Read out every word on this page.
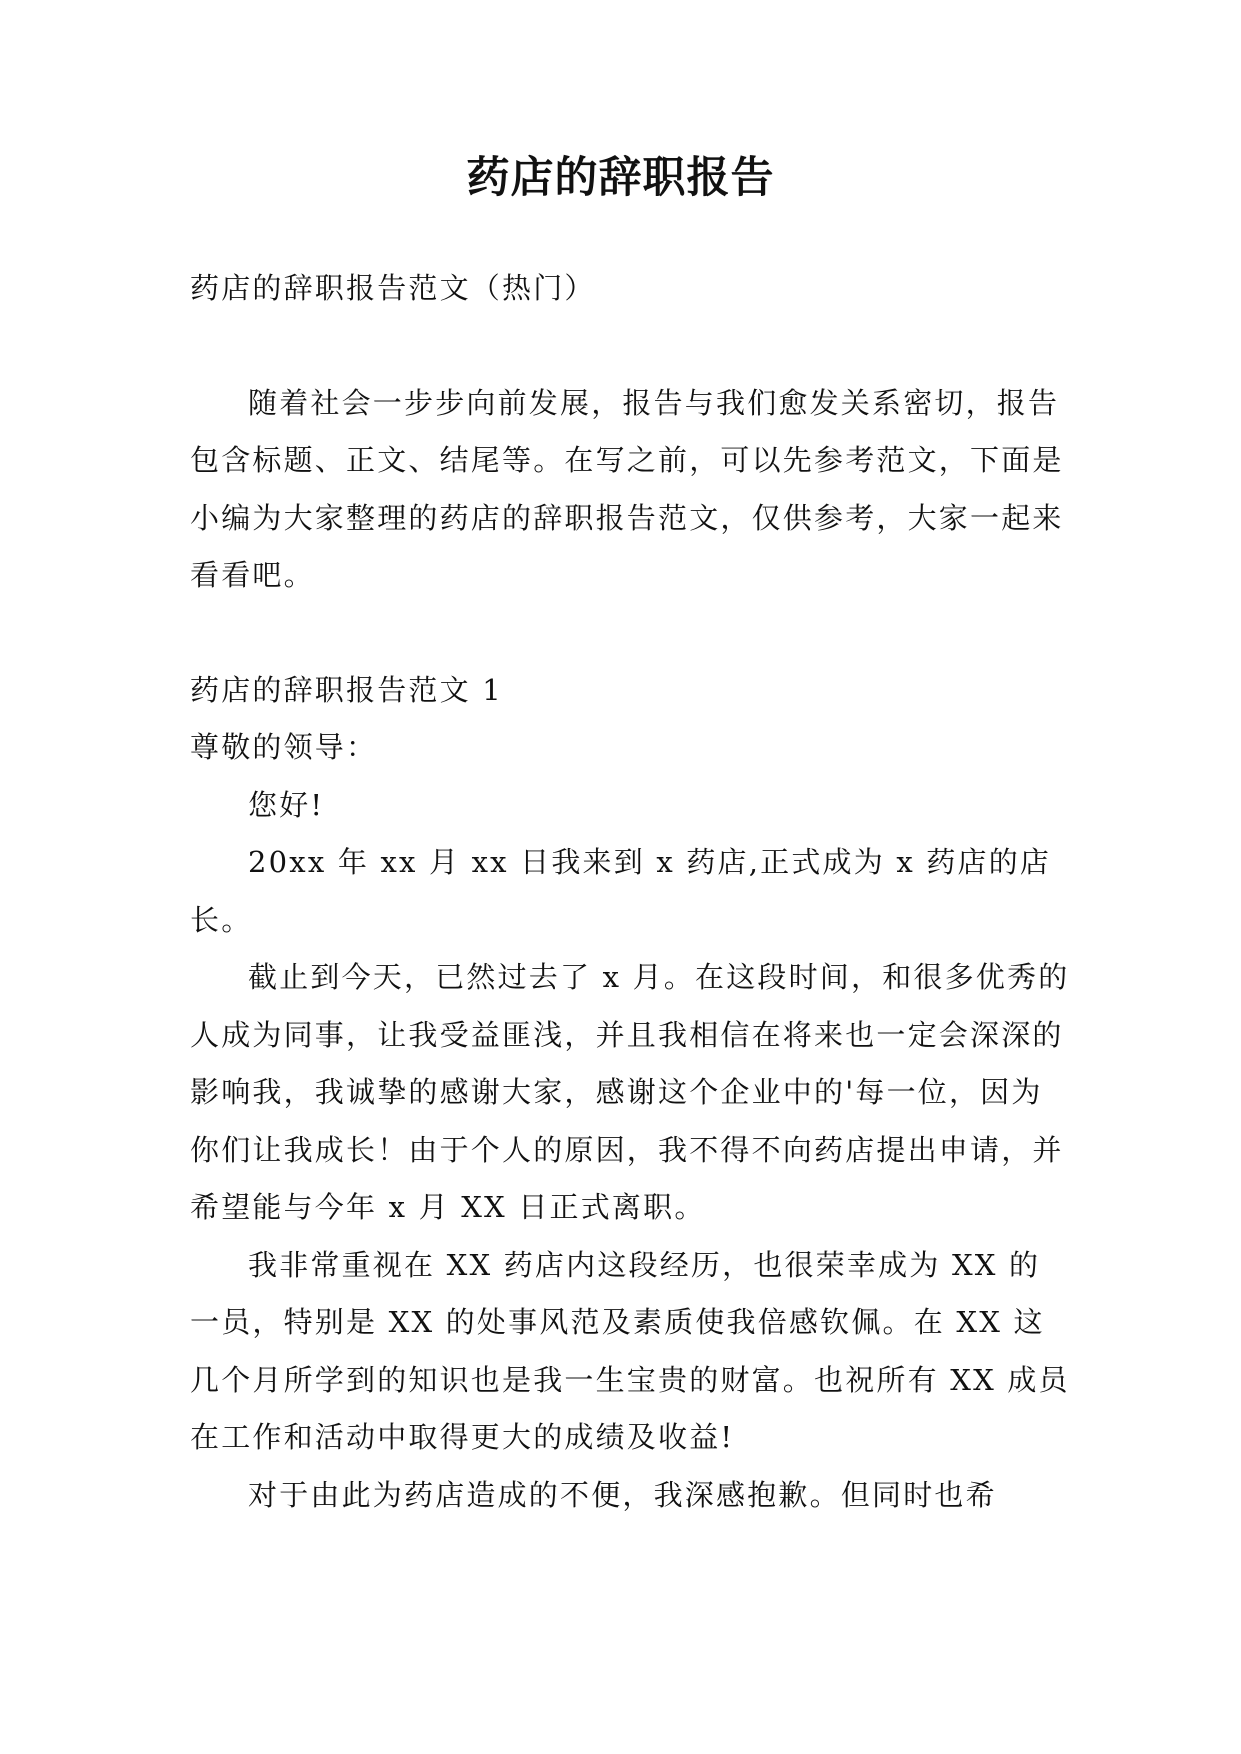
药店的辞职报告

药店的辞职报告范文（热门）

随着社会一步步向前发展，报告与我们愈发关系密切，报告包含标题、正文、结尾等。在写之前，可以先参考范文，下面是小编为大家整理的药店的辞职报告范文，仅供参考，大家一起来看看吧。

药店的辞职报告范文 1

尊敬的领导：

您好!

20xx 年 xx 月 xx 日我来到 x 药店,正式成为 x 药店的店长。

截止到今天，已然过去了 x 月。在这段时间，和很多优秀的人成为同事，让我受益匪浅，并且我相信在将来也一定会深深的影响我，我诚挚的感谢大家，感谢这个企业中的'每一位，因为你们让我成长！由于个人的原因，我不得不向药店提出申请，并希望能与今年 x 月 XX 日正式离职。

我非常重视在 XX 药店内这段经历，也很荣幸成为 XX 的一员，特别是 XX 的处事风范及素质使我倍感钦佩。在 XX 这几个月所学到的知识也是我一生宝贵的财富。也祝所有 XX 成员在工作和活动中取得更大的成绩及收益!

对于由此为药店造成的不便，我深感抱歉。但同时也希
